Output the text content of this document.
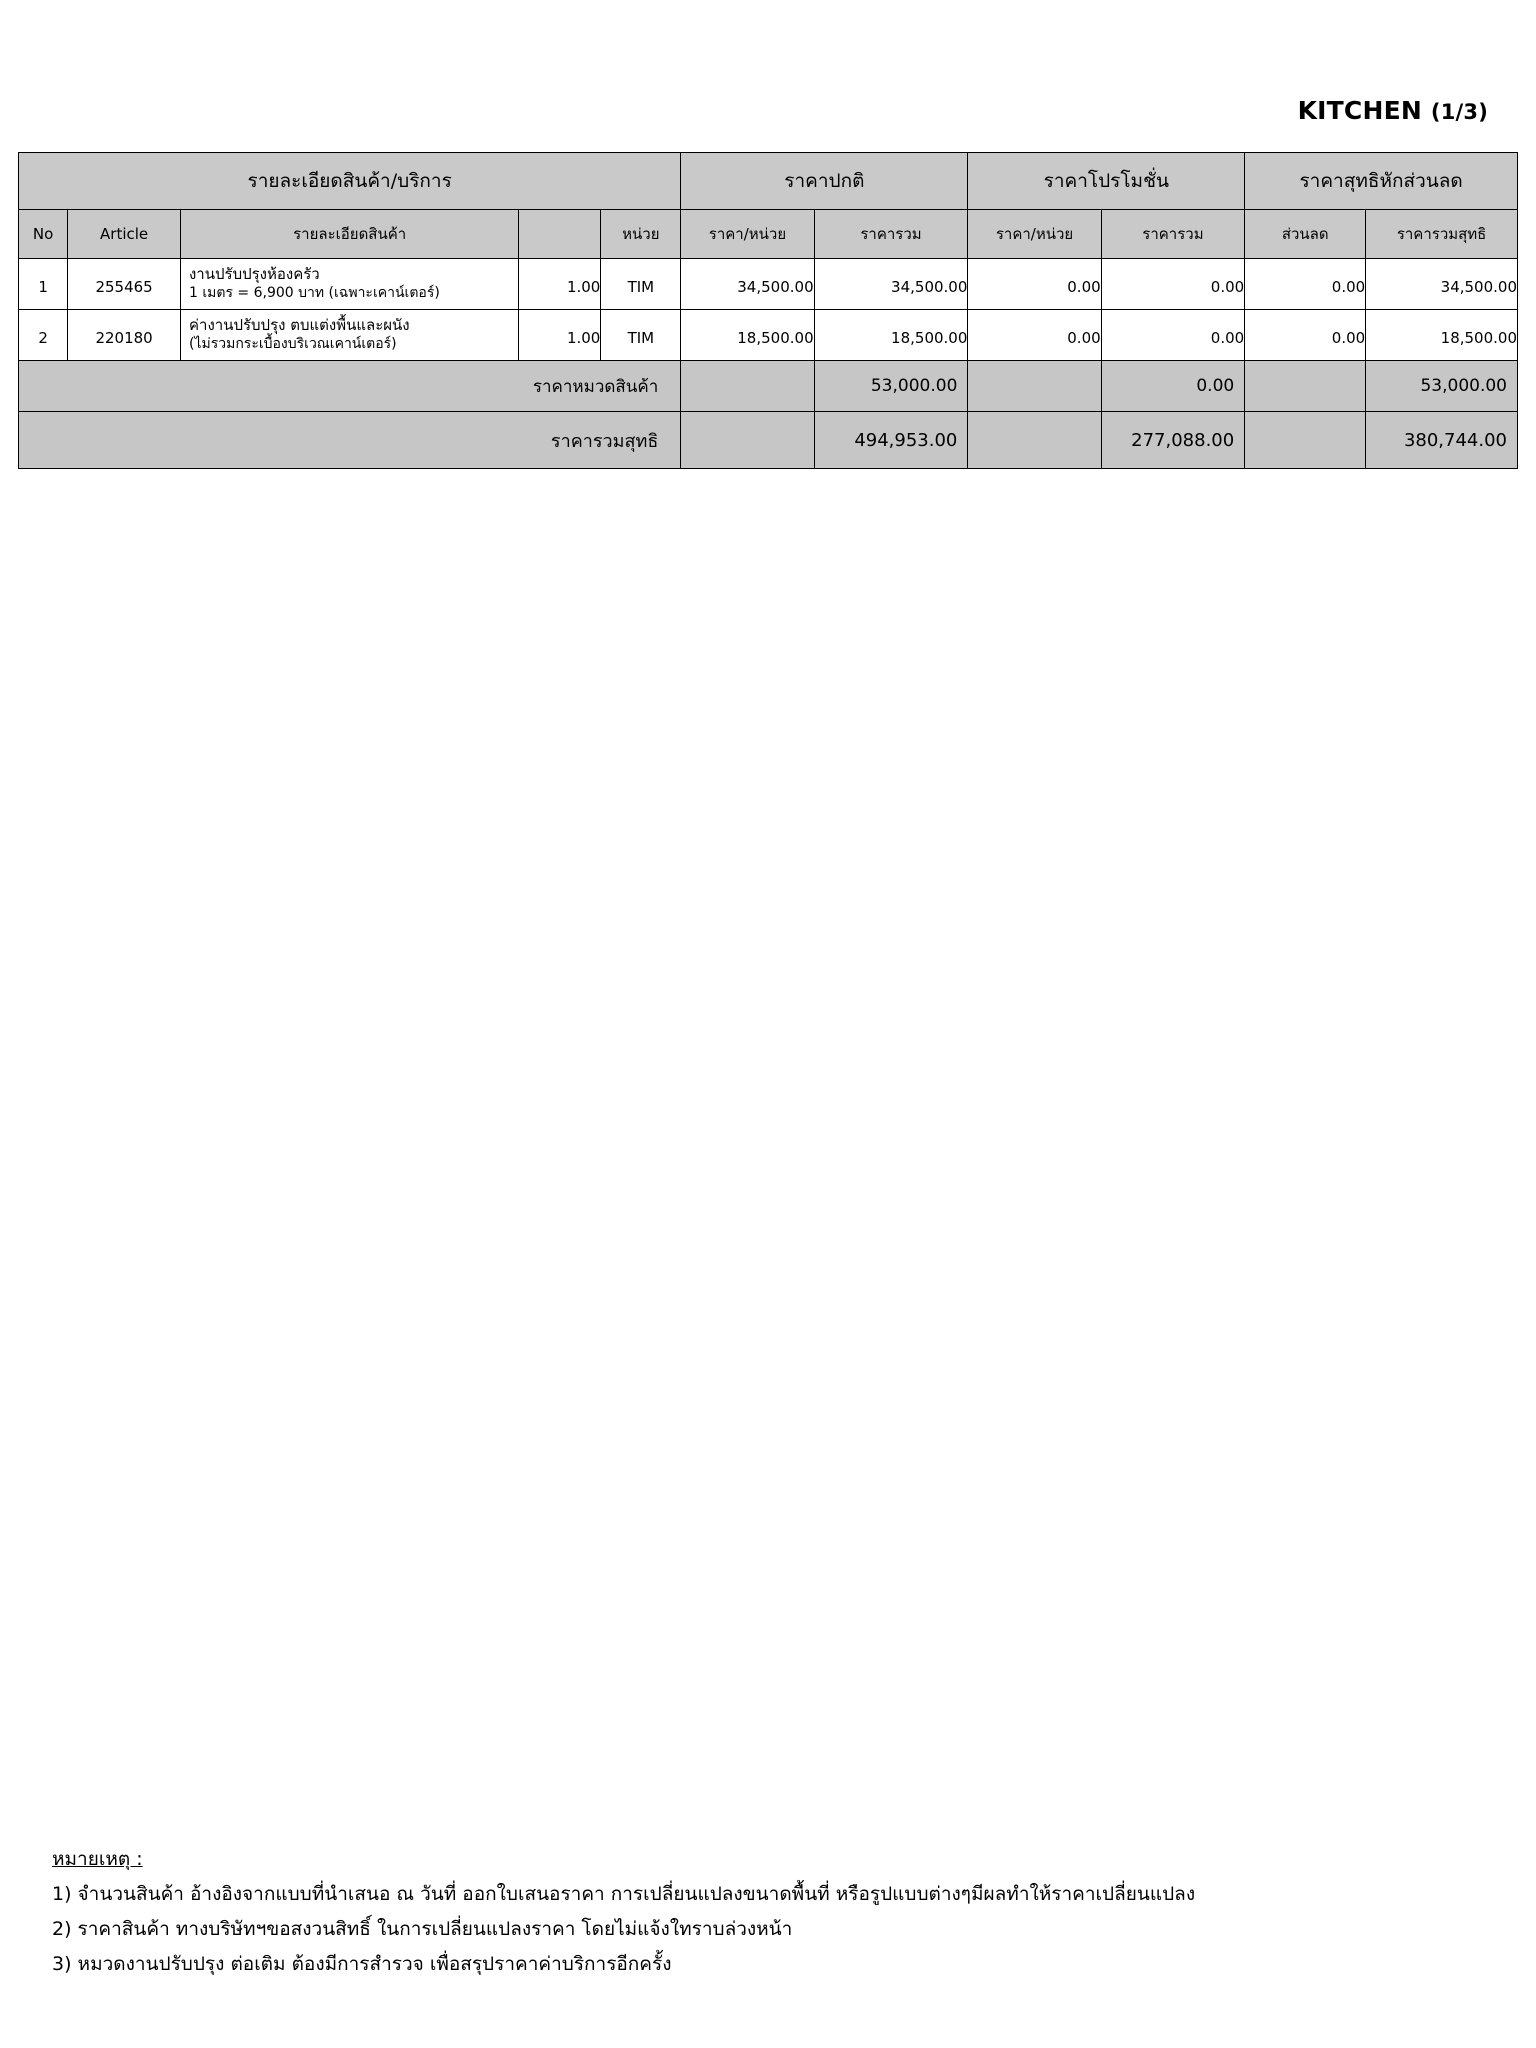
KITCHEN (1/3)
รายละเอียดสินค้า/บริการ					ราคาปกติ		ราคาโปรโมชั่น		ราคาสุทธิหักส่วนลด	
No	Article	รายละเอียดสินค้า		หน่วย	ราคา/หน่วย	ราคารวม	ราคา/หน่วย	ราคารวม	ส่วนลด	ราคารวมสุทธิ
1	255465	งานปรับปรุงห้องครัว
1 เมตร = 6,900 บาท (เฉพาะเคาน์เตอร์)	1.00	TIM	34,500.00	34,500.00	0.00	0.00	0.00	34,500.00
2	220180	ค่างานปรับปรุง ตบแต่งพื้นและผนัง
(ไม่รวมกระเบื้องบริเวณเคาน์เตอร์)	1.00	TIM	18,500.00	18,500.00	0.00	0.00	0.00	18,500.00
ราคาหมวดสินค้า						53,000.00		0.00		53,000.00
ราคารวมสุทธิ						494,953.00		277,088.00		380,744.00
หมายเหตุ :
1) จำนวนสินค้า อ้างอิงจากแบบที่นำเสนอ ณ วันที่ ออกใบเสนอราคา การเปลี่ยนแปลงขนาดพื้นที่ หรือรูปแบบต่างๆมีผลทำให้ราคาเปลี่ยนแปลง
2) ราคาสินค้า ทางบริษัทฯขอสงวนสิทธิ์ ในการเปลี่ยนแปลงราคา โดยไม่แจ้งใทราบล่วงหน้า
3) หมวดงานปรับปรุง ต่อเติม ต้องมีการสำรวจ เพื่อสรุปราคาค่าบริการอีกครั้ง
